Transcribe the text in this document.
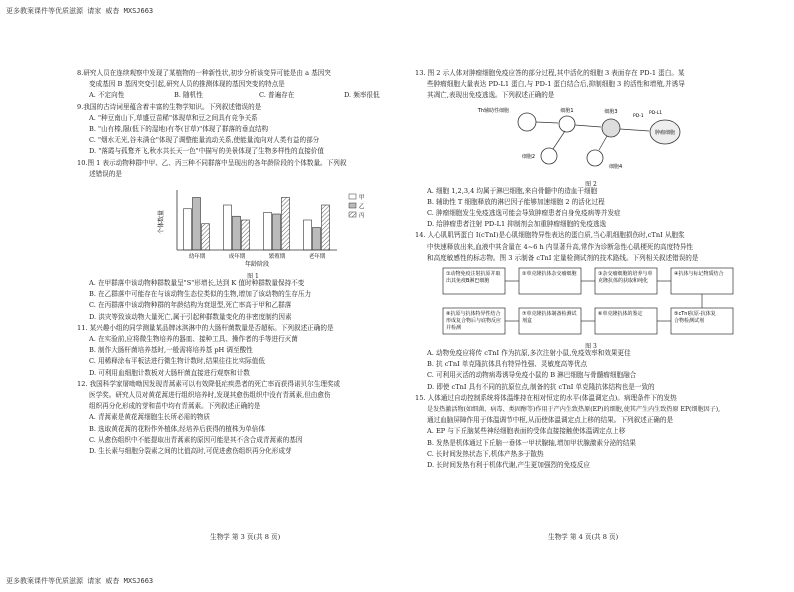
更多教案课件等优质滋源 请家 威杳 MXSJ663

8.研究人员在连续观察中发现了某植物的一种新性状,初步分析该变异可能是由 a 基因突

变成基因 B 基因突变引起,研究人员的推测体现的基因突变的特点是

A. 不定向性	B. 随机性	C. 普遍存在	D. 频率很低

9.我国的古诗词里蕴含着丰富的生物学知识。下列叙述错误的是

A. "种豆南山下,草盛豆苗稀"体现草和豆之间具有竞争关系

B. "山有榛,隰(低下的湿地)有苓(甘草)"体现了群落的垂直结构

C. "烟水无光,谷未满仓"体现了调整能量流动关系,使能量流向对人类有益的部分

D. "落霞与孤鹜齐飞,秋水共长天一色"中描写的美景体现了生物多样性的直接价值

10.图 1 表示动物种群中甲、乙、丙三种不同群落中呈现出的各年龄阶段的个体数量。下列叙

述错误的是

个体数量
年龄阶段
幼年期	成年期	繁殖期	老年期
甲
乙
丙
图 1

A. 在甲群落中该动物种群数量呈"S"形增长,达到 K 值时种群数量保持不变

B. 在乙群落中可能存在与该动物生态位类似的生物,增加了该动物的生存压力

C. 在丙群落中该动物种群的年龄结构为衰退型,死亡率高于甲和乙群落

D. 洪灾等致该动物大量死亡,属于引起种群数量变化的非密度制约因素

11. 某兴趣小组的同学测量某品牌冰淇淋中的大肠杆菌数量是否超标。下列叙述正确的是

A. 在实验前,应将微生物培养的器皿、接种工具、操作者的手等进行灭菌

B. 制作大肠杆菌培养基时,一般需将培养基 pH 调至酸性

C. 用稀释涂布平板法进行微生物计数时,结果往往比实际值低

D. 可利用血细胞计数板对大肠杆菌直接进行观察和计数

12. 我国科学家屠呦呦因发现青蒿素可以有效降低疟疾患者的死亡率而获得诺贝尔生理奖或

医学奖。研究人员对黄花蒿进行组织培养时,发现其愈伤组织中没有青蒿素,但由愈伤

组织再分化形成的芽和苗中均有青蒿素。下列叙述正确的是

A. 青蒿素是黄花蒿细胞生长所必需的物质

B. 选取黄花蒿的花粉作外植体,经培养后获得的植株为单倍体

C. 从愈伤组织中不能提取出青蒿素的原因可能是其不含合成青蒿素的基因

D. 生长素与细胞分裂素之间的比值高时,可促进愈伤组织再分化形成芽

生物学 第 3 页(共 8 页)

13. 图 2 示人体对肿瘤细胞免疫应答的部分过程,其中活化的细胞 3 表面存在 PD-1 蛋白。某

些肿瘤细胞大量表达 PD-L1 蛋白,与 PD-1 蛋白结合后,抑制细胞 3 的活性和增殖,并诱导

其凋亡,表现出免疫逃逸。下列叙述正确的是

Th辅助性细胞	细胞1	细胞3
肿瘤细胞
PD-1
PD-L1
细胞2
细胞4
图 2

A. 细胞 1,2,3,4 均属于淋巴细胞,来自骨髓中的造血干细胞

B. 辅助性 T 细胞释放的淋巴因子能够加速细胞 2 的活化过程

C. 肿瘤细胞发生免疫逃逸可能会导致肿瘤患者自身免疫病等并发症

D. 给肿瘤患者注射 PD-L1 抑制剂会加重肿瘤细胞的免疫逃逸

14. 人心肌肌钙蛋白 I(cTnI)是心肌细胞特异性表达的蛋白质,当心肌细胞损伤时,cTnI 从胞浆

中快速释放出来,血液中其含量在 4~6 h 内显著升高,常作为诊断急性心肌梗死的高度特异性

和高度敏感性的标志物。图 3 示制备 cTnI 定量检测试剂的技术路线。下列相关叙述错误的是

①动物免疫注射抗原并取
出其免疫B淋巴细胞
②单克隆抗体杂交瘤细胞	③杂交瘤细胞的培养与单
克隆抗体的获取和纯化
④抗体与标记物质结合
⑧抗原与抗体特异性结合
形成复合物后与底物反应
并检测
⑦单克隆抗体制备检测试
剂盒
⑥单克隆抗体的鉴定	⑤cTnI抗原-抗体复
合物检测试剂
图 3

A. 动物免疫应将传 cTnI 作为抗原,多次注射小鼠,免疫效率和效果更佳

B. 抗 cTnI 单克隆抗体具有特异性强、灵敏度高等优点

C. 可利用灭活的动物病毒诱导免疫小鼠的 B 淋巴细胞与骨髓瘤细胞融合

D. 即使 cTnI 具有不同的抗原位点,制备的抗 cTnI 单克隆抗体结构也是一致的

15. 人体通过自动控制系统将体温维持在相对恒定的水平(体温调定点)。病理条件下的发热

是发热激活物(如细菌、病毒、类固醇等)作用于产内生致热原(EP)的细胞,使其产生内生致热原 EP(细胞因子),

通过血脑屏障作用于体温调节中枢,从而使体温调定点上移的结果。下列叙述正确的是

A. EP 与下丘脑某些神经细胞表面的受体直接接触使体温调定点上移

B. 发热是机体通过下丘脑一垂体一甲状腺轴,增加甲状腺激素分泌的结果

C. 长时间发热状态下,机体产热多于散热

D. 长时间发热有利于机体代谢,产生更加强烈的免疫反应

生物学 第 4 页(共 8 页)
更多教案课件等优质滋源 请家 威杳 MXSJ663
